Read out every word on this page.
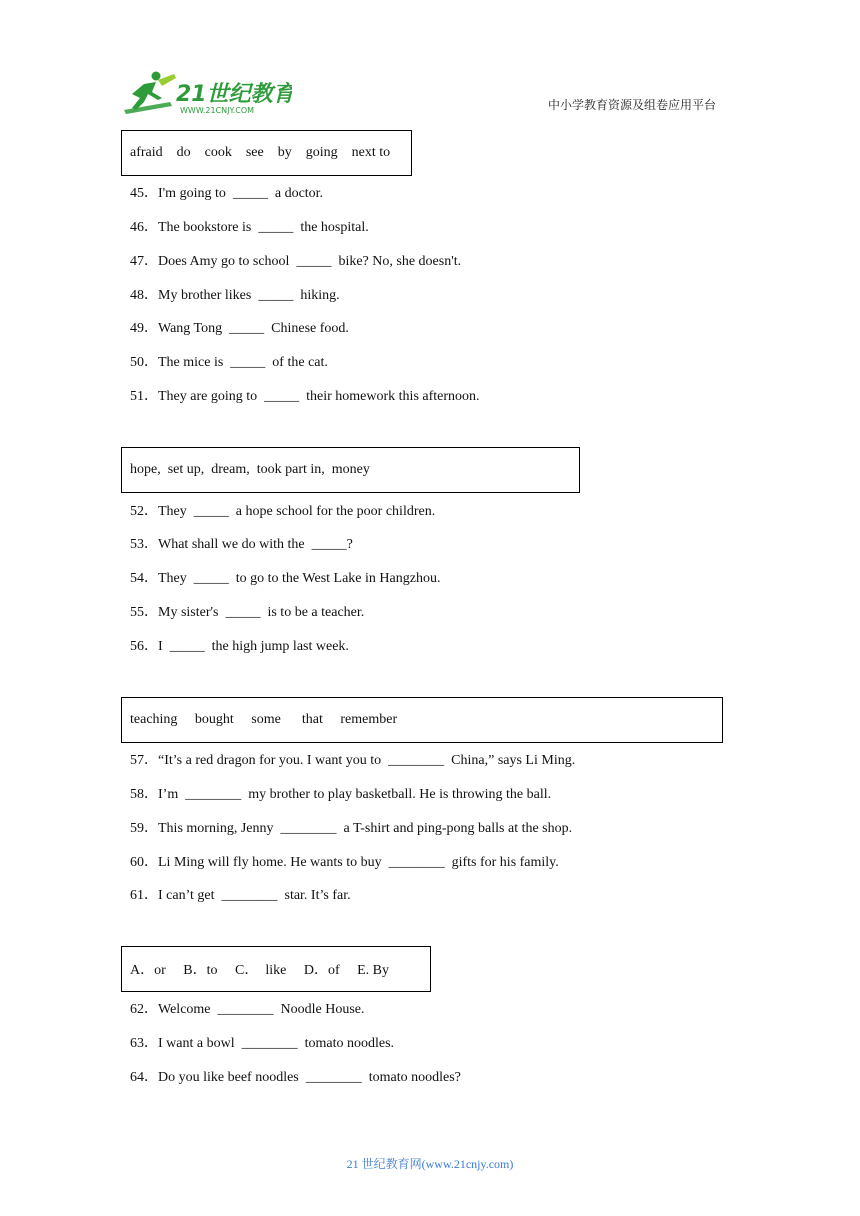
21世纪教育
WWW.21CNJY.COM	中小学教育资源及组卷应用平台
afraid    do    cook    see    by    going    next to
45．I'm going to  _____  a doctor.
46．The bookstore is  _____  the hospital.
47．Does Amy go to school  _____  bike? No, she doesn't.
48．My brother likes  _____  hiking.
49．Wang Tong  _____  Chinese food.
50．The mice is  _____  of the cat.
51．They are going to  _____  their homework this afternoon.
hope,  set up,  dream,  took part in,  money
52．They  _____  a hope school for the poor children.
53．What shall we do with the  _____?
54．They  _____  to go to the West Lake in Hangzhou.
55．My sister's  _____  is to be a teacher.
56．I  _____  the high jump last week.
teaching     bought     some      that     remember
57．“It’s a red dragon for you. I want you to  ________  China,” says Li Ming.
58．I’m  ________  my brother to play basketball. He is throwing the ball.
59．This morning, Jenny  ________  a T-shirt and ping-pong balls at the shop.
60．Li Ming will fly home. He wants to buy  ________  gifts for his family.
61．I can’t get  ________  star. It’s far.
A．or     B．to     C．  like     D．of     E. By
62．Welcome  ________  Noodle House.
63．I want a bowl  ________  tomato noodles.
64．Do you like beef noodles  ________  tomato noodles?
21 世纪教育网(www.21cnjy.com)
